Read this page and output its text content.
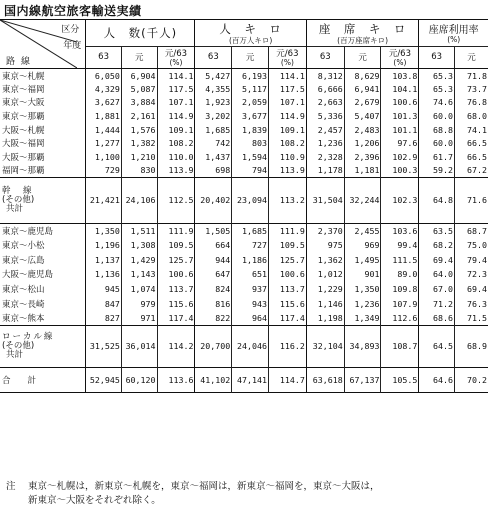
国内線航空旅客輸送実績
区分
年度
路線	人　数(千人)			人　キ　ロ
(百万人キロ)			座　席　キ　ロ
(百万座席キロ)			座席利用率
(%)	

	63	元	元/63
(%)	63	元	元/63
(%)	63	元	元/63
(%)	63	元
東京～札幌	6,050	6,904	114.1	5,427	6,193	114.1	8,312	8,629	103.8	65.3	71.8
東京～福岡	4,329	5,087	117.5	4,355	5,117	117.5	6,666	6,941	104.1	65.3	73.7
東京～大阪	3,627	3,884	107.1	1,923	2,059	107.1	2,663	2,679	100.6	74.6	76.8
東京～那覇	1,881	2,161	114.9	3,202	3,677	114.9	5,336	5,407	101.3	60.0	68.0
大阪～札幌	1,444	1,576	109.1	1,685	1,839	109.1	2,457	2,483	101.1	68.8	74.1
大阪～福岡	1,277	1,382	108.2	742	803	108.2	1,236	1,206	97.6	60.0	66.5
大阪～那覇	1,100	1,210	110.0	1,437	1,594	110.9	2,328	2,396	102.9	61.7	66.5
福岡～那覇	729	830	113.9	698	794	113.9	1,178	1,181	100.3	59.2	67.2

幹　線
(その他)
共計	21,421	24,106	112.5	20,402	23,094	113.2	31,504	32,244	102.3	64.8	71.6
東京～鹿児島	1,350	1,511	111.9	1,505	1,685	111.9	2,370	2,455	103.6	63.5	68.7
東京～小松	1,196	1,308	109.5	664	727	109.5	975	969	99.4	68.2	75.0
東京～広島	1,137	1,429	125.7	944	1,186	125.7	1,362	1,495	111.5	69.4	79.4
大阪～鹿児島	1,136	1,143	100.6	647	651	100.6	1,012	901	89.0	64.0	72.3
東京～松山	945	1,074	113.7	824	937	113.7	1,229	1,350	109.8	67.0	69.4
東京～長崎	847	979	115.6	816	943	115.6	1,146	1,236	107.9	71.2	76.3
東京～熊本	827	971	117.4	822	964	117.4	1,198	1,349	112.6	68.6	71.5

ローカル線
(その他)
共計	31,525	36,014	114.2	20,700	24,046	116.2	32,104	34,893	108.7	64.5	68.9
合　　計	52,945	60,120	113.6	41,102	47,141	114.7	63,618	67,137	105.5	64.6	70.2
注 東京～札幌は，新東京～札幌を，東京～福岡は，新東京～福岡を，東京～大阪は，
新東京～大阪をそれぞれ除く。
